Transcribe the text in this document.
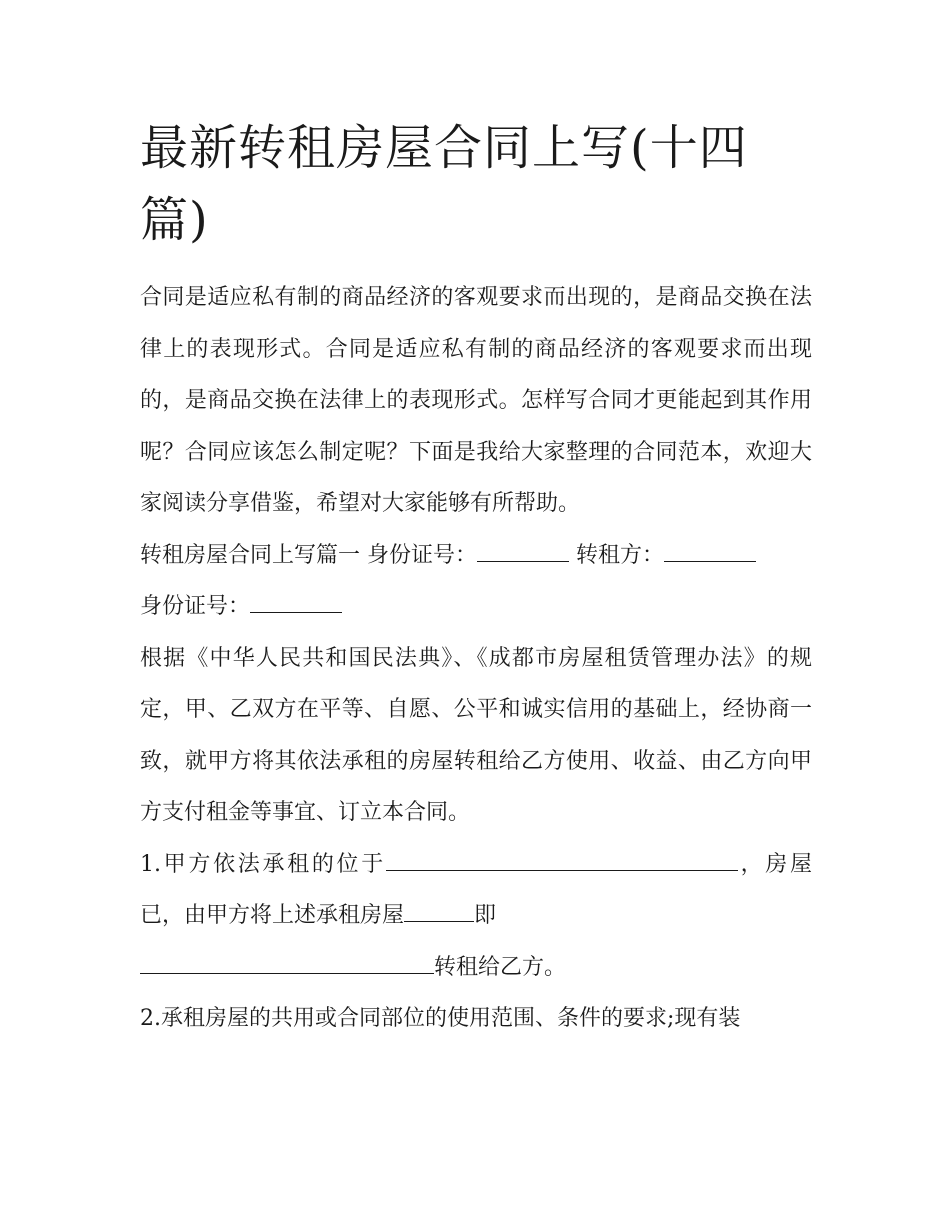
最新转租房屋合同上写(十四篇)

合同是适应私有制的商品经济的客观要求而出现的，是商品交换在法律上的表现形式。合同是适应私有制的商品经济的客观要求而出现的，是商品交换在法律上的表现形式。怎样写合同才更能起到其作用呢？合同应该怎么制定呢？下面是我给大家整理的合同范本，欢迎大家阅读分享借鉴，希望对大家能够有所帮助。

转租房屋合同上写篇一 身份证号：	转租方：
身份证号：

根据《中华人民共和国民法典》、《成都市房屋租赁管理办法》的规定，甲、乙双方在平等、自愿、公平和诚实信用的基础上，经协商一致，就甲方将其依法承租的房屋转租给乙方使用、收益、由乙方向甲方支付租金等事宜、订立本合同。

1.甲方依法承租的位于	，房屋已，由甲方将上述承租房屋	即
转租给乙方。

2.承租房屋的共用或合同部位的使用范围、条件的要求;现有装
